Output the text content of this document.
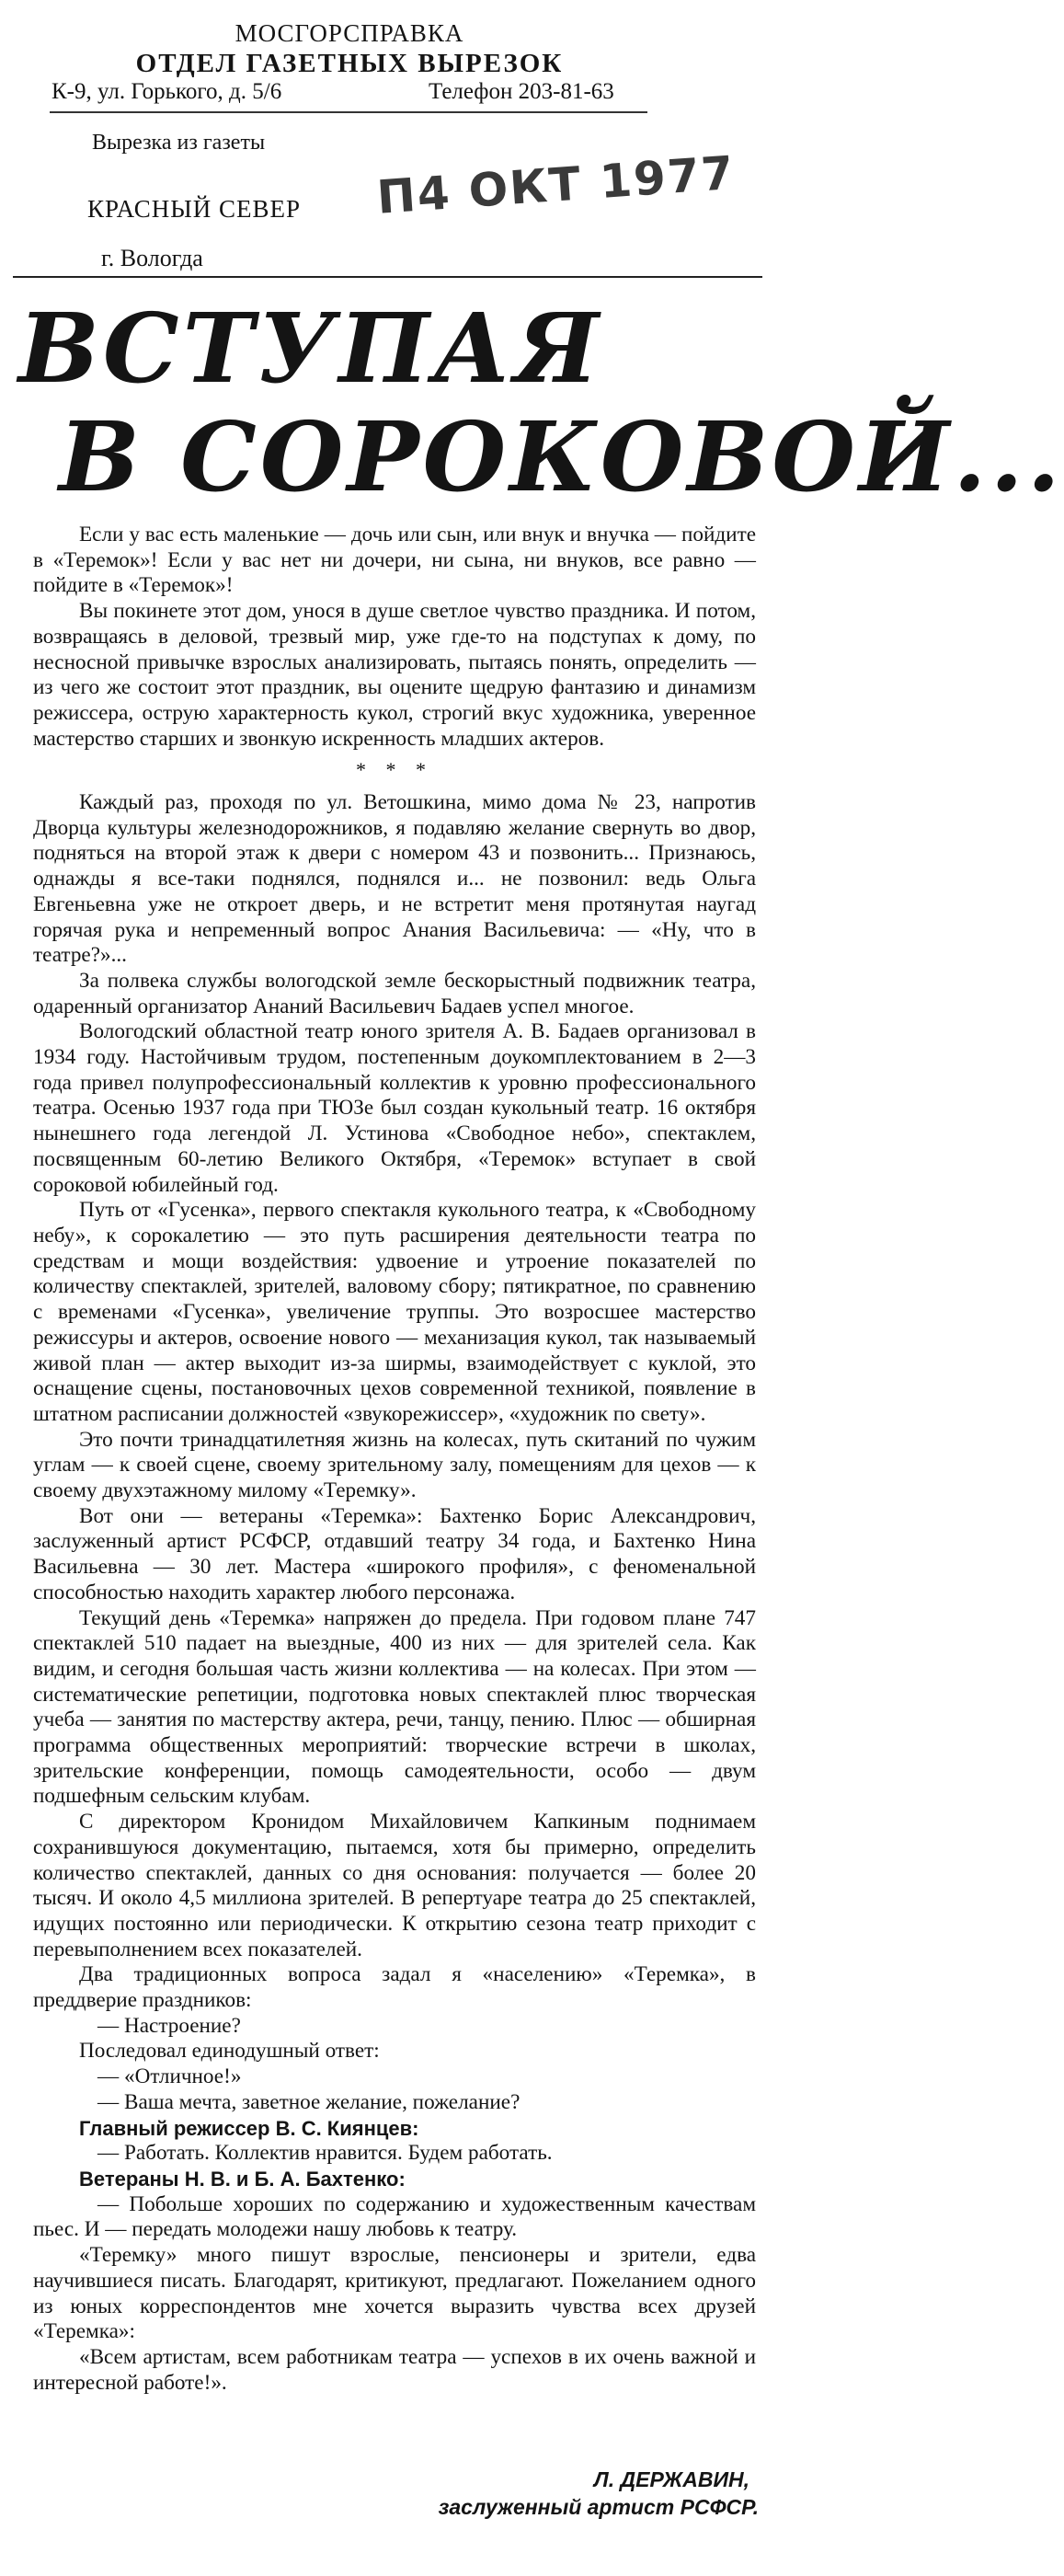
МОСГОРСПРАВКА
ОТДЕЛ ГАЗЕТНЫХ ВЫРЕЗОК
К-9, ул. Горького, д. 5/6	Телефон 203-81-63
Вырезка из газеты
П4 ОКТ 1977
КРАСНЫЙ СЕВЕР
г. Вологда
ВСТУПАЯ
В СОРОКОВОЙ...

Если у вас есть маленькие — дочь или сын, или внук и внучка — пойдите в «Теремок»! Если у вас нет ни дочери, ни сына, ни внуков, все равно — пойдите в «Теремок»!

Вы покинете этот дом, унося в душе светлое чувство праздника. И потом, возвращаясь в деловой, трезвый мир, уже где-то на подступах к дому, по несносной привычке взрослых анализировать, пытаясь понять, определить — из чего же состоит этот праздник, вы оцените щедрую фантазию и динамизм режиссера, острую характерность кукол, строгий вкус художника, уверенное мастерство старших и звонкую искренность младших актеров.

* * *

Каждый раз, проходя по ул. Ветошкина, мимо дома № 23, напротив Дворца культуры железнодорожников, я подавляю желание свернуть во двор, подняться на второй этаж к двери с номером 43 и позвонить... Признаюсь, однажды я все-таки поднялся, поднялся и... не позвонил: ведь Ольга Евгеньевна уже не откроет дверь, и не встретит меня протянутая наугад горячая рука и непременный вопрос Анания Васильевича: — «Ну, что в театре?»...

За полвека службы вологодской земле бескорыстный подвижник театра, одаренный организатор Ананий Васильевич Бадаев успел многое.

Вологодский областной театр юного зрителя А. В. Бадаев организовал в 1934 году. Настойчивым трудом, постепенным доукомплектованием в 2—3 года привел полупрофессиональный коллектив к уровню профессионального театра. Осенью 1937 года при ТЮЗе был создан кукольный театр. 16 октября нынешнего года легендой Л. Устинова «Свободное небо», спектаклем, посвященным 60-летию Великого Октября, «Теремок» вступает в свой сороковой юбилейный год.

Путь от «Гусенка», первого спектакля кукольного театра, к «Свободному небу», к сорокалетию — это путь расширения деятельности театра по средствам и мощи воздействия: удвоение и утроение показателей по количеству спектаклей, зрителей, валовому сбору; пятикратное, по сравнению с временами «Гусенка», увеличение труппы. Это возросшее мастерство режиссуры и актеров, освоение нового — механизация кукол, так называемый живой план — актер выходит из-за ширмы, взаимодействует с куклой, это оснащение сцены, постановочных цехов современной техникой, появление в штатном расписании должностей «звукорежиссер», «художник по свету».

Это почти тринадцатилетняя жизнь на колесах, путь скитаний по чужим углам — к своей сцене, своему зрительному залу, помещениям для цехов — к своему двухэтажному милому «Теремку».

Вот они — ветераны «Теремка»: Бахтенко Борис Александрович, заслуженный артист РСФСР, отдавший театру 34 года, и Бахтенко Нина Васильевна — 30 лет. Мастера «широкого профиля», с феноменальной способностью находить характер любого персонажа.

Текущий день «Теремка» напряжен до предела. При годовом плане 747 спектаклей 510 падает на выездные, 400 из них — для зрителей села. Как видим, и сегодня большая часть жизни коллектива — на колесах. При этом — систематические репетиции, подготовка новых спектаклей плюс творческая учеба — занятия по мастерству актера, речи, танцу, пению. Плюс — обширная программа общественных мероприятий: творческие встречи в школах, зрительские конференции, помощь самодеятельности, особо — двум подшефным сельским клубам.

С директором Кронидом Михайловичем Капкиным поднимаем сохранившуюся документацию, пытаемся, хотя бы примерно, определить количество спектаклей, данных со дня основания: получается — более 20 тысяч. И около 4,5 миллиона зрителей. В репертуаре театра до 25 спектаклей, идущих постоянно или периодически. К открытию сезона театр приходит с перевыполнением всех показателей.

Два традиционных вопроса задал я «населению» «Теремка», в преддверие праздников:

— Настроение?

Последовал единодушный ответ:

— «Отличное!»

— Ваша мечта, заветное желание, пожелание?

Главный режиссер В. С. Киянцев:

— Работать. Коллектив нравится. Будем работать.

Ветераны Н. В. и Б. А. Бахтенко:

— Побольше хороших по содержанию и художественным качествам пьес. И — передать молодежи нашу любовь к театру.

«Теремку» много пишут взрослые, пенсионеры и зрители, едва научившиеся писать. Благодарят, критикуют, предлагают. Пожеланием одного из юных корреспондентов мне хочется выразить чувства всех друзей «Теремка»:

«Всем артистам, всем работникам театра — успехов в их очень важной и интересной работе!».

Л. ДЕРЖАВИН,
заслуженный артист РСФСР.
